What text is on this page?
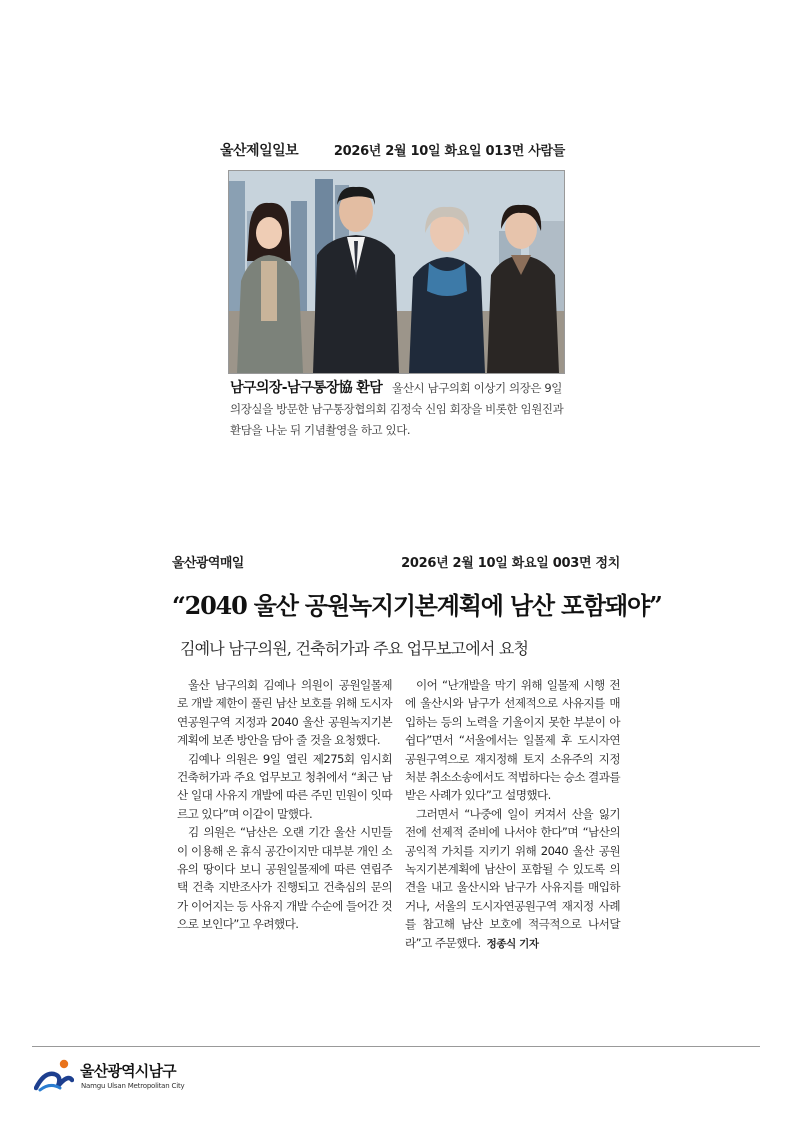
울산제일일보	2026년 2월 10일 화요일 013면 사람들
남구의장-남구통장協 환담 울산시 남구의회 이상기 의장은 9일 의장실을 방문한 남구통장협의회 김정숙 신임 회장을 비롯한 임원진과 환담을 나눈 뒤 기념촬영을 하고 있다.
울산광역매일	2026년 2월 10일 화요일 003면 정치
“2040 울산 공원녹지기본계획에 남산 포함돼야”
김예나 남구의원, 건축허가과 주요 업무보고에서 요청

울산 남구의회 김예나 의원이 공원일몰제로 개발 제한이 풀린 남산 보호를 위해 도시자연공원구역 지정과 2040 울산 공원녹지기본계획에 보존 방안을 담아 줄 것을 요청했다.

김예나 의원은 9일 열린 제275회 임시회 건축허가과 주요 업무보고 청취에서 “최근 남산 일대 사유지 개발에 따른 주민 민원이 잇따르고 있다”며 이같이 말했다.

김 의원은 “남산은 오랜 기간 울산 시민들이 이용해 온 휴식 공간이지만 대부분 개인 소유의 땅이다 보니 공원일몰제에 따른 연립주택 건축 지반조사가 진행되고 건축심의 문의가 이어지는 등 사유지 개발 수순에 들어간 것으로 보인다”고 우려했다.

이어 “난개발을 막기 위해 일몰제 시행 전에 울산시와 남구가 선제적으로 사유지를 매입하는 등의 노력을 기울이지 못한 부분이 아쉽다”면서 “서울에서는 일몰제 후 도시자연공원구역으로 재지정해 토지 소유주의 지정 처분 취소소송에서도 적법하다는 승소 결과를 받은 사례가 있다”고 설명했다.

그러면서 “나중에 일이 커져서 산을 잃기 전에 선제적 준비에 나서야 한다”며 “남산의 공익적 가치를 지키기 위해 2040 울산 공원녹지기본계획에 남산이 포함될 수 있도록 의견을 내고 울산시와 남구가 사유지를 매입하거나, 서울의 도시자연공원구역 재지정 사례를 참고해 남산 보호에 적극적으로 나서달라”고 주문했다. 정종식 기자

울산광역시남구
Namgu Ulsan Metropolitan City
